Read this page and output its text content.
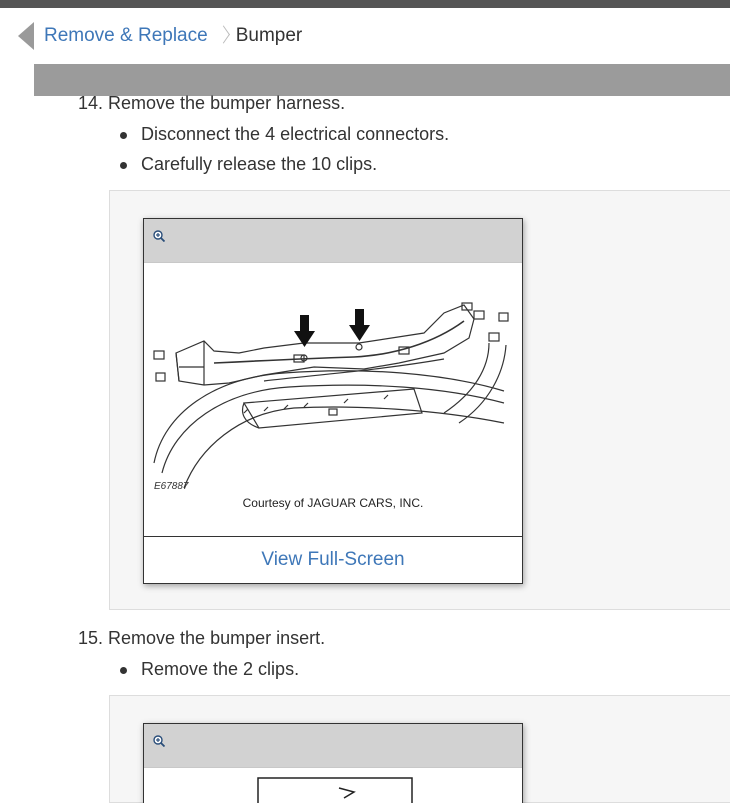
Remove & Replace Bumper
14. Remove the bumper harness.
Disconnect the 4 electrical connectors.
Carefully release the 10 clips.
E67887
Courtesy of JAGUAR CARS, INC.
View Full-Screen
15. Remove the bumper insert.
Remove the 2 clips.
